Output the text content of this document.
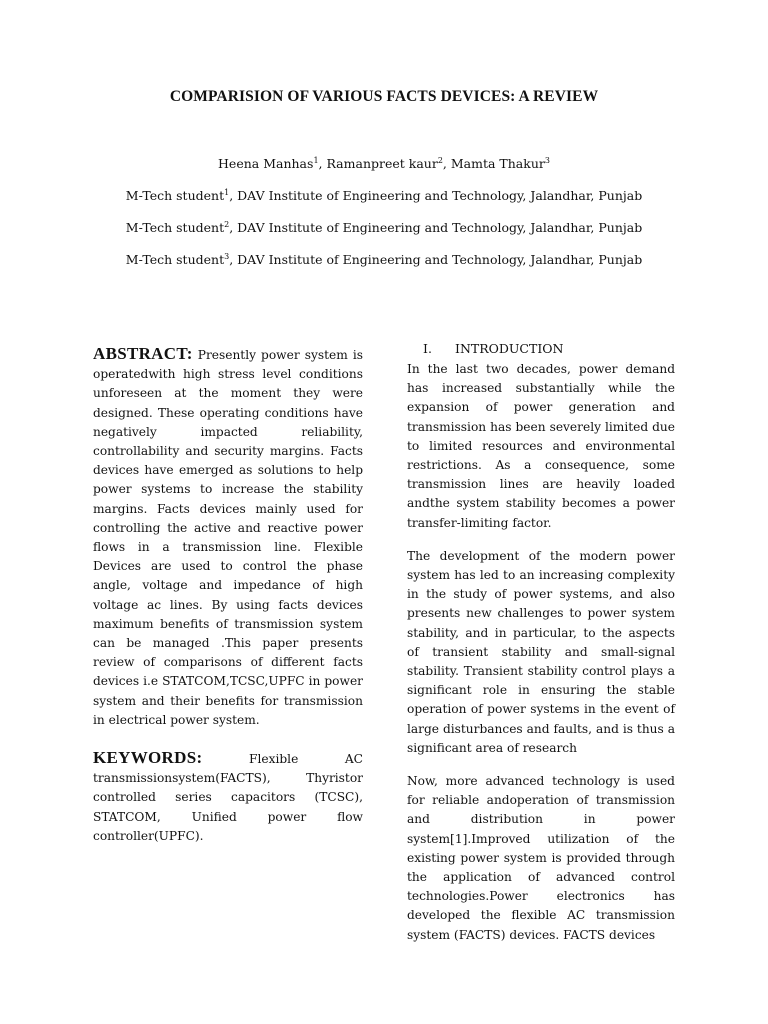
COMPARISION OF VARIOUS FACTS DEVICES: A REVIEW
Heena Manhas$^1$, Ramanpreet kaur$^2$, Mamta Thakur$^3$
M-Tech student$^1$, DAV Institute of Engineering and Technology, Jalandhar, Punjab
M-Tech student$^2$, DAV Institute of Engineering and Technology, Jalandhar, Punjab
M-Tech student$^3$, DAV Institute of Engineering and Technology, Jalandhar, Punjab
ABSTRACT: Presently power system is operatedwith high stress level conditions unforeseen at the moment they were designed. These operating conditions have negatively impacted reliability, controllability and security margins. Facts devices have emerged as solutions to help power systems to increase the stability margins. Facts devices mainly used for controlling the active and reactive power flows in a transmission line. Flexible Devices are used to control the phase angle, voltage and impedance of high voltage ac lines. By using facts devices maximum benefits of transmission system can be managed .This paper presents review of comparisons of different facts devices i.e STATCOM,TCSC,UPFC in power system and their benefits for transmission in electrical power system.
KEYWORDS:	Flexible AC transmissionsystem(FACTS), Thyristor controlled series capacitors (TCSC), STATCOM, Unified power flow controller(UPFC).
I. INTRODUCTION

In the last two decades, power demand has increased substantially while the expansion of power generation and transmission has been severely limited due to limited resources and environmental restrictions. As a consequence, some transmission lines are heavily loaded andthe system stability becomes a power transfer-limiting factor.

The development of the modern power system has led to an increasing complexity in the study of power systems, and also presents new challenges to power system stability, and in particular, to the aspects of transient stability and small-signal stability. Transient stability control plays a significant role in ensuring the stable operation of power systems in the event of large disturbances and faults, and is thus a significant area of research

Now, more advanced technology is used for reliable andoperation of transmission and distribution in power system[1].Improved utilization of the existing power system is provided through the application of advanced control technologies.Power electronics has developed the flexible AC transmission system (FACTS) devices. FACTS devices
